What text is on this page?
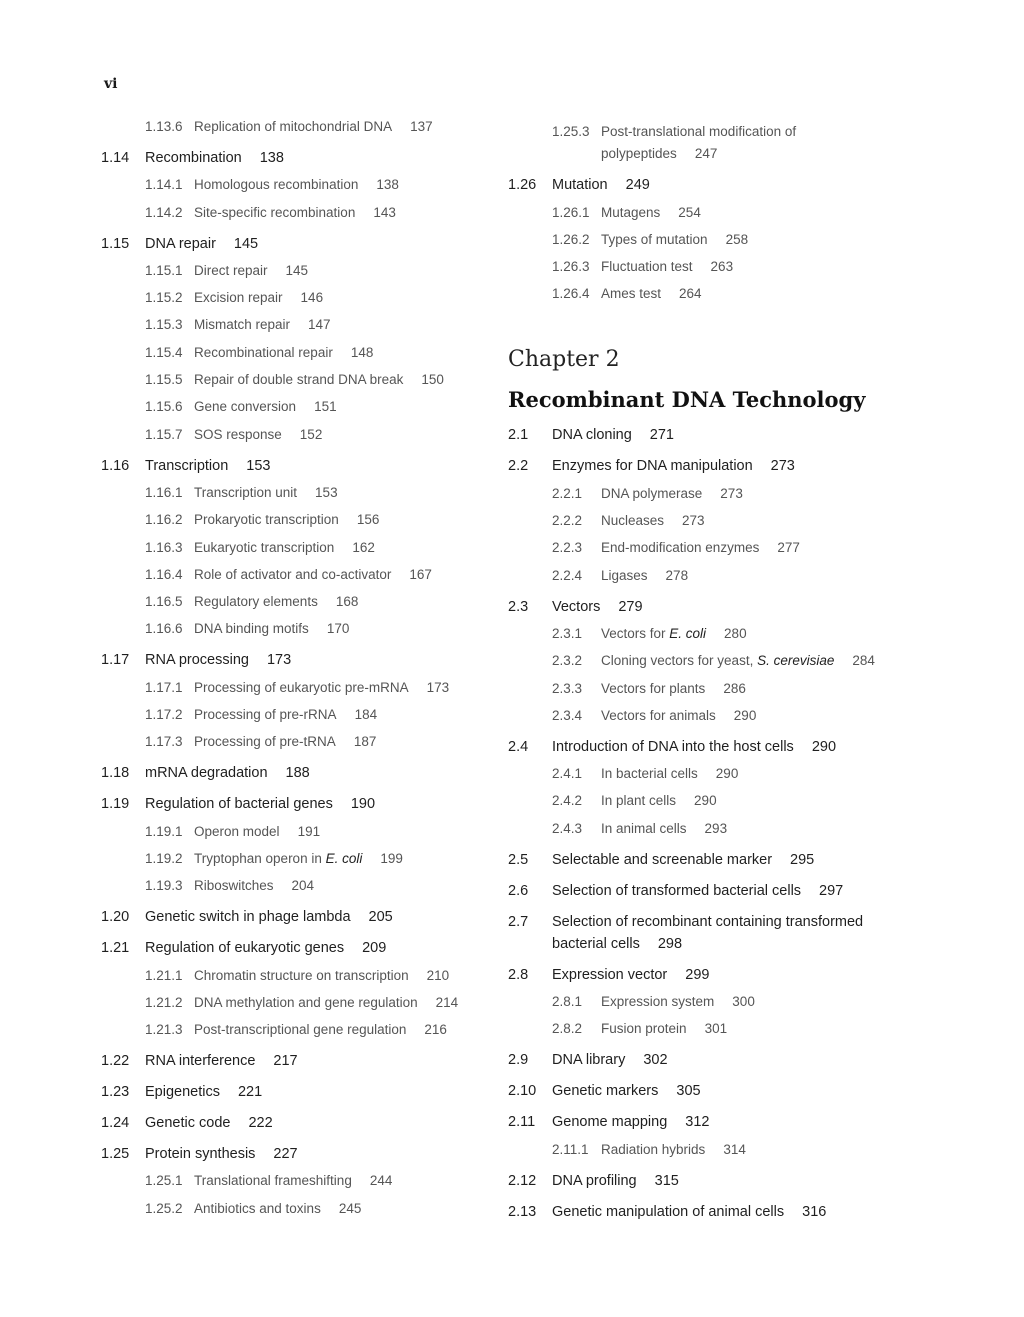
vi
1.13.6 Replication of mitochondrial DNA 137
1.14	Recombination 138
1.14.1 Homologous recombination 138
1.14.2 Site-specific recombination 143
1.15	DNA repair 145
1.15.1 Direct repair 145
1.15.2 Excision repair 146
1.15.3 Mismatch repair 147
1.15.4 Recombinational repair 148
1.15.5 Repair of double strand DNA break 150
1.15.6 Gene conversion 151
1.15.7 SOS response 152
1.16	Transcription 153
1.16.1 Transcription unit 153
1.16.2 Prokaryotic transcription 156
1.16.3 Eukaryotic transcription 162
1.16.4 Role of activator and co-activator 167
1.16.5 Regulatory elements 168
1.16.6 DNA binding motifs 170
1.17	RNA processing 173
1.17.1 Processing of eukaryotic pre-mRNA 173
1.17.2 Processing of pre-rRNA 184
1.17.3 Processing of pre-tRNA 187
1.18	mRNA degradation 188
1.19	Regulation of bacterial genes 190
1.19.1 Operon model 191
1.19.2 Tryptophan operon in E. coli 199
1.19.3 Riboswitches 204
1.20	Genetic switch in phage lambda 205
1.21	Regulation of eukaryotic genes 209
1.21.1 Chromatin structure on transcription 210
1.21.2 DNA methylation and gene regulation 214
1.21.3 Post-transcriptional gene regulation 216
1.22	RNA interference 217
1.23	Epigenetics 221
1.24	Genetic code 222
1.25	Protein synthesis 227
1.25.1 Translational frameshifting 244
1.25.2 Antibiotics and toxins 245
1.25.3 Post-translational modification of
polypeptides 247
1.26	Mutation 249
1.26.1 Mutagens 254
1.26.2 Types of mutation 258
1.26.3 Fluctuation test 263
1.26.4 Ames test 264
Chapter 2
Recombinant DNA Technology
2.1	DNA cloning 271
2.2	Enzymes for DNA manipulation 273
2.2.1	DNA polymerase 273
2.2.2	Nucleases 273
2.2.3	End-modification enzymes 277
2.2.4	Ligases 278
2.3	Vectors 279
2.3.1	Vectors for E. coli 280
2.3.2	Cloning vectors for yeast, S. cerevisiae 284
2.3.3	Vectors for plants 286
2.3.4	Vectors for animals 290
2.4	Introduction of DNA into the host cells 290
2.4.1	In bacterial cells 290
2.4.2	In plant cells 290
2.4.3	In animal cells 293
2.5	Selectable and screenable marker 295
2.6	Selection of transformed bacterial cells 297
2.7	Selection of recombinant containing transformed
bacterial cells 298
2.8	Expression vector 299
2.8.1	Expression system 300
2.8.2	Fusion protein 301
2.9	DNA library 302
2.10	Genetic markers 305
2.11	Genome mapping 312
2.11.1 Radiation hybrids 314
2.12	DNA profiling 315
2.13	Genetic manipulation of animal cells 316
